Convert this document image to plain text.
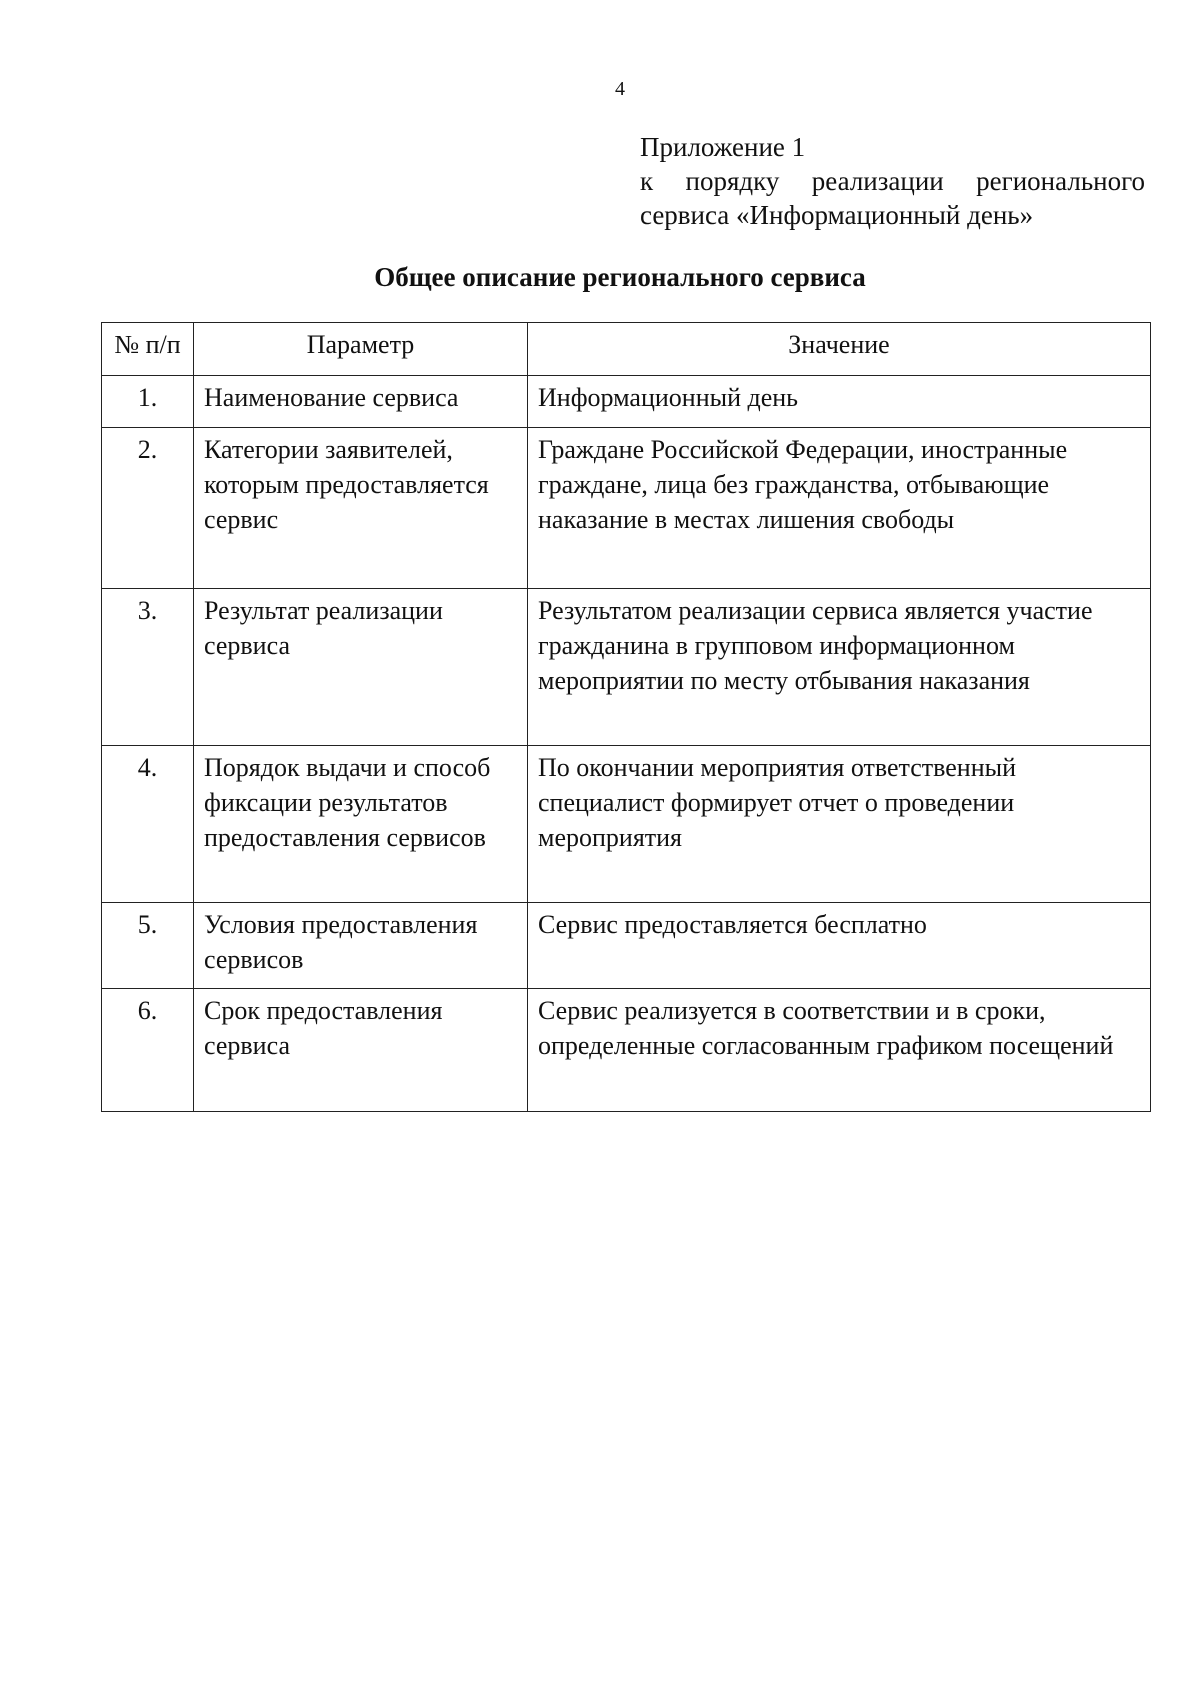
4
Приложение 1
к порядку реализации регионального
сервиса «Информационный день»
Общее описание регионального сервиса
№ п/п	Параметр	Значение
1.	Наименование сервиса	Информационный день
2.	Категории заявителей, которым предоставляется сервис	Граждане Российской Федерации, иностранные граждане, лица без гражданства, отбывающие наказание в местах лишения свободы
3.	Результат реализации сервиса	Результатом реализации сервиса является участие гражданина в групповом информационном мероприятии по месту отбывания наказания
4.	Порядок выдачи и способ фиксации результатов предоставления сервисов	По окончании мероприятия ответственный специалист формирует отчет о проведении мероприятия
5.	Условия предоставления сервисов	Сервис предоставляется бесплатно
6.	Срок предоставления сервиса	Сервис реализуется в соответствии и в сроки, определенные согласованным графиком посещений
